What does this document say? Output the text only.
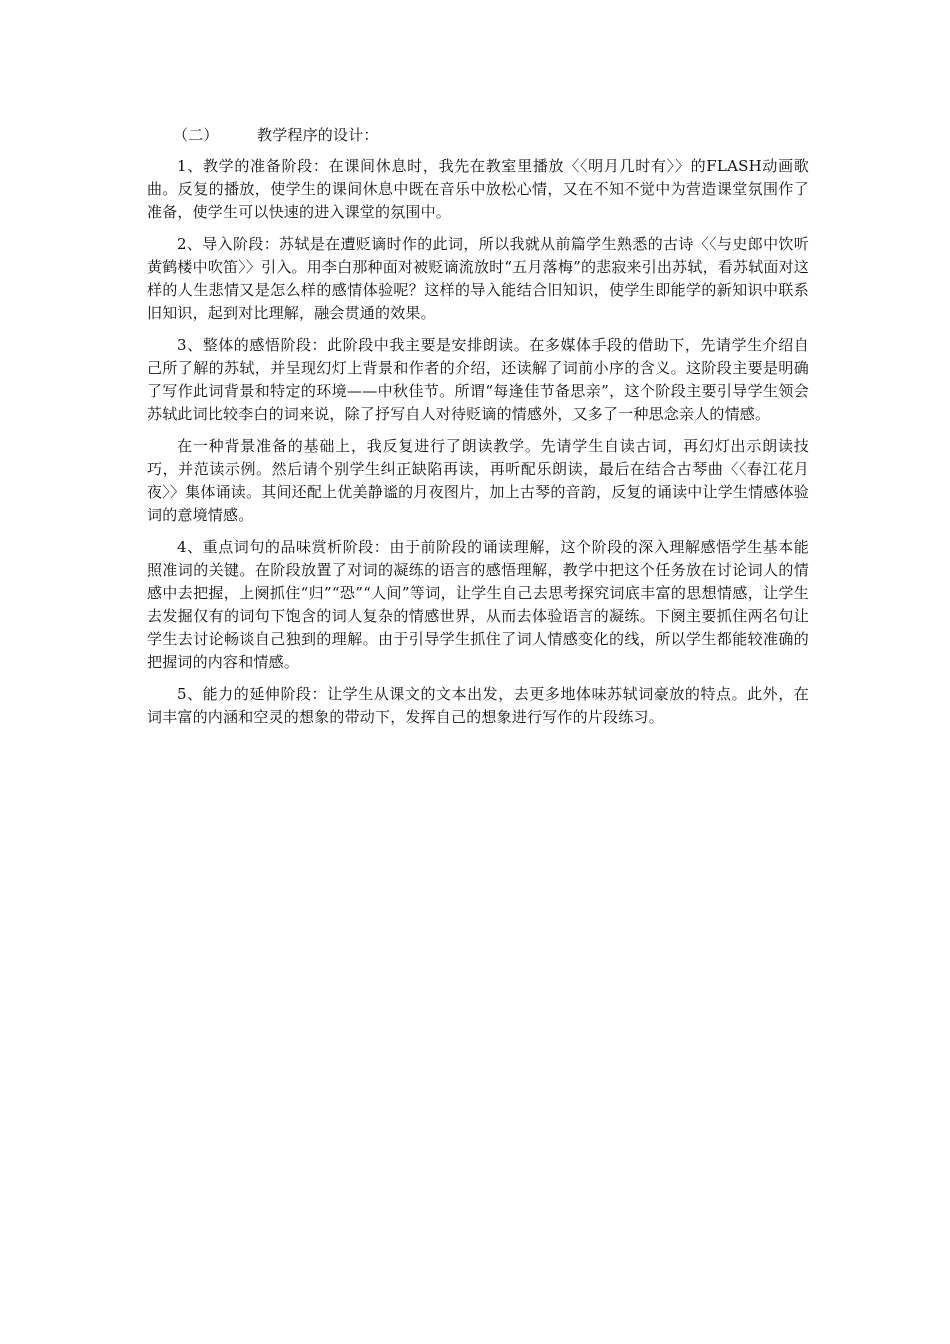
（二）	教学程序的设计：

1、教学的准备阶段：在课间休息时，我先在教室里播放〈〈明月几时有〉〉的FLASH动画歌曲。反复的播放，使学生的课间休息中既在音乐中放松心情，又在不知不觉中为营造课堂氛围作了准备，使学生可以快速的进入课堂的氛围中。

2、导入阶段：苏轼是在遭贬谪时作的此词，所以我就从前篇学生熟悉的古诗〈〈与史郎中饮听黄鹤楼中吹笛〉〉引入。用李白那种面对被贬谪流放时“五月落梅”的悲寂来引出苏轼，看苏轼面对这样的人生悲情又是怎么样的感情体验呢？这样的导入能结合旧知识，使学生即能学的新知识中联系旧知识，起到对比理解，融会贯通的效果。

3、整体的感悟阶段：此阶段中我主要是安排朗读。在多媒体手段的借助下，先请学生介绍自己所了解的苏轼，并呈现幻灯上背景和作者的介绍，还读解了词前小序的含义。这阶段主要是明确了写作此词背景和特定的环境——中秋佳节。所谓“每逢佳节备思亲”，这个阶段主要引导学生领会苏轼此词比较李白的词来说，除了抒写自人对待贬谪的情感外，又多了一种思念亲人的情感。

在一种背景准备的基础上，我反复进行了朗读教学。先请学生自读古词，再幻灯出示朗读技巧，并范读示例。然后请个别学生纠正缺陷再读，再听配乐朗读，最后在结合古琴曲〈〈春江花月夜〉〉集体诵读。其间还配上优美静谧的月夜图片，加上古琴的音韵，反复的诵读中让学生情感体验词的意境情感。

4、重点词句的品味赏析阶段：由于前阶段的诵读理解，这个阶段的深入理解感悟学生基本能照准词的关键。在阶段放置了对词的凝练的语言的感悟理解，教学中把这个任务放在讨论词人的情感中去把握，上阕抓住“归”“恐”“人间”等词，让学生自己去思考探究词底丰富的思想情感，让学生去发掘仅有的词句下饱含的词人复杂的情感世界，从而去体验语言的凝练。下阕主要抓住两名句让学生去讨论畅谈自己独到的理解。由于引导学生抓住了词人情感变化的线，所以学生都能较准确的把握词的内容和情感。

5、能力的延伸阶段：让学生从课文的文本出发，去更多地体味苏轼词豪放的特点。此外，在词丰富的内涵和空灵的想象的带动下，发挥自己的想象进行写作的片段练习。
